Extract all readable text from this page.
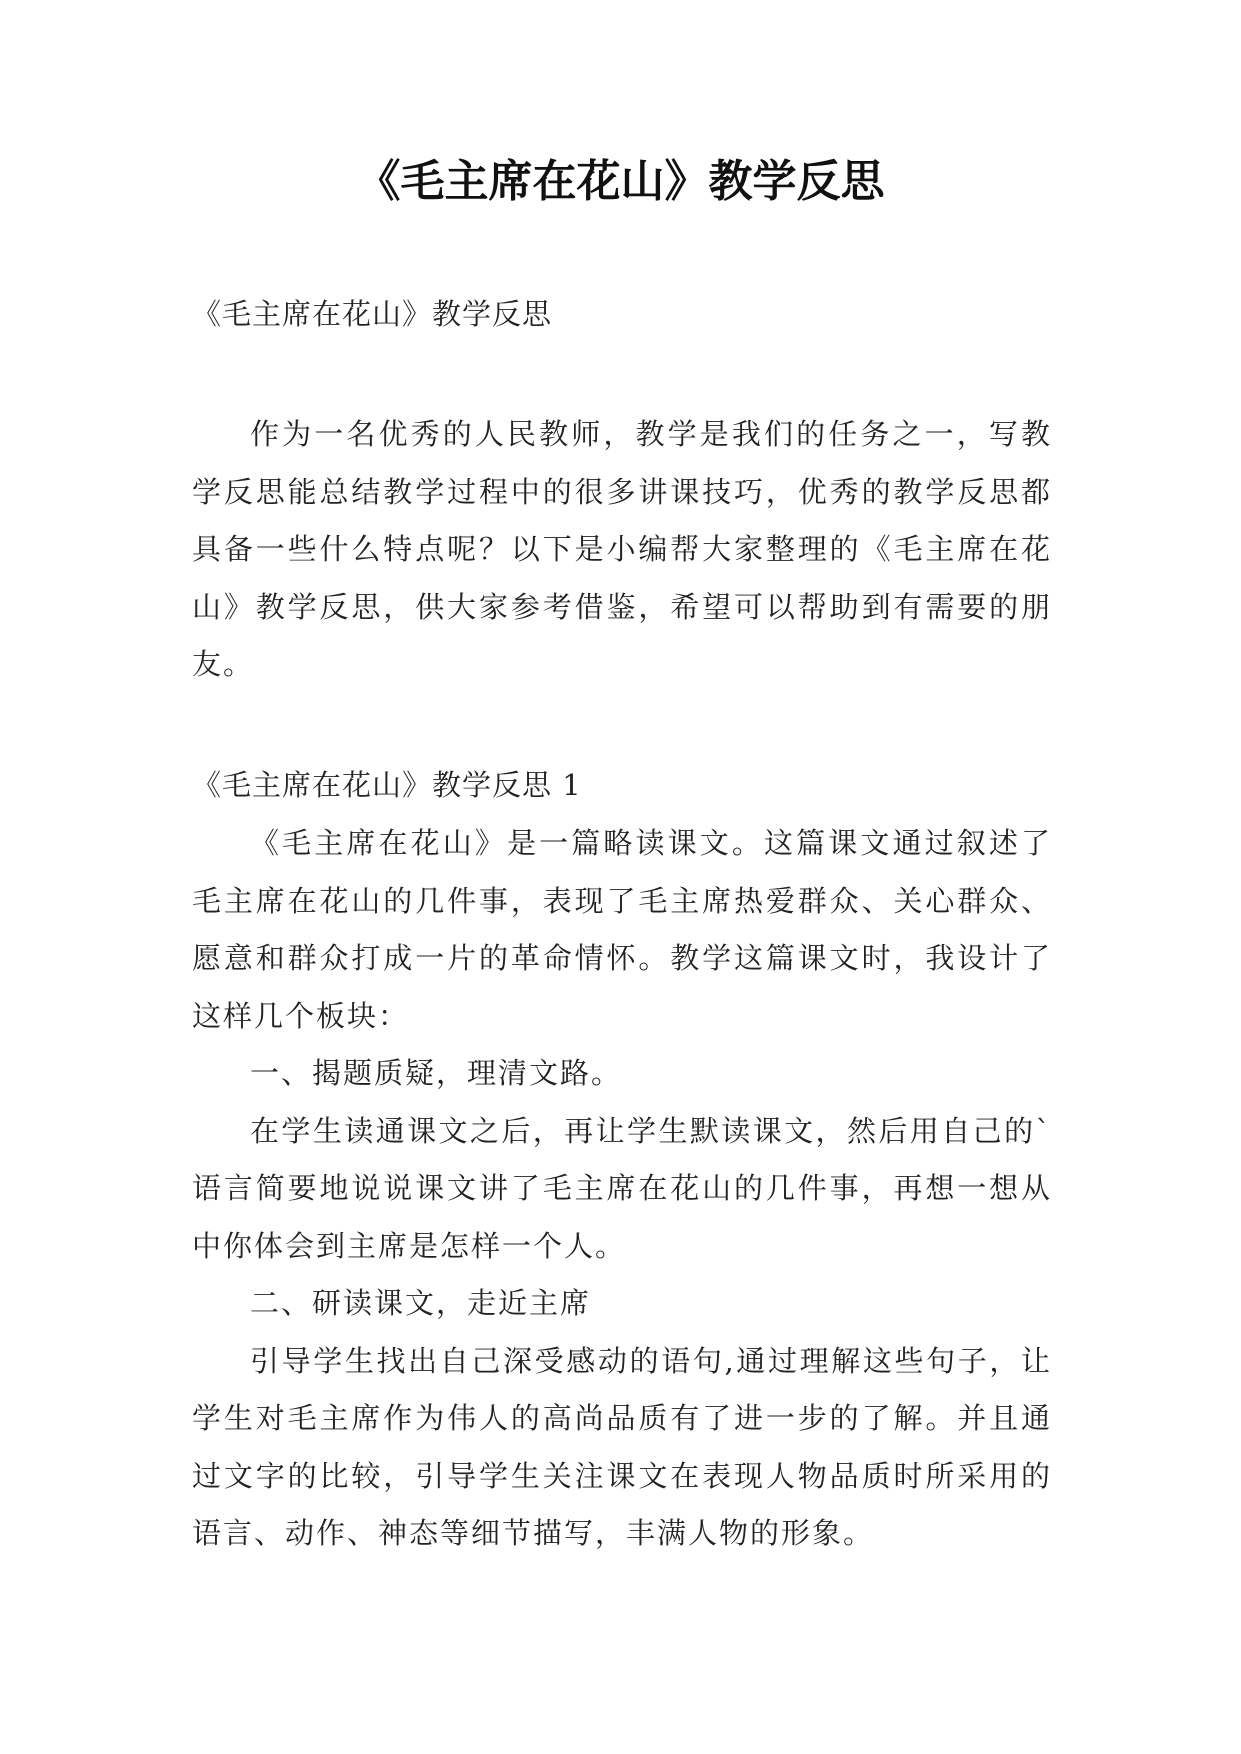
《毛主席在花山》教学反思

《毛主席在花山》教学反思

作为一名优秀的人民教师，教学是我们的任务之一，写教学反思能总结教学过程中的很多讲课技巧，优秀的教学反思都具备一些什么特点呢？以下是小编帮大家整理的《毛主席在花山》教学反思，供大家参考借鉴，希望可以帮助到有需要的朋友。

《毛主席在花山》教学反思 1

《毛主席在花山》是一篇略读课文。这篇课文通过叙述了毛主席在花山的几件事，表现了毛主席热爱群众、关心群众、愿意和群众打成一片的革命情怀。教学这篇课文时，我设计了这样几个板块：

一、揭题质疑，理清文路。

在学生读通课文之后，再让学生默读课文，然后用自己的`语言简要地说说课文讲了毛主席在花山的几件事，再想一想从中你体会到主席是怎样一个人。

二、研读课文，走近主席

引导学生找出自己深受感动的语句,通过理解这些句子，让学生对毛主席作为伟人的高尚品质有了进一步的了解。并且通过文字的比较，引导学生关注课文在表现人物品质时所采用的语言、动作、神态等细节描写，丰满人物的形象。
